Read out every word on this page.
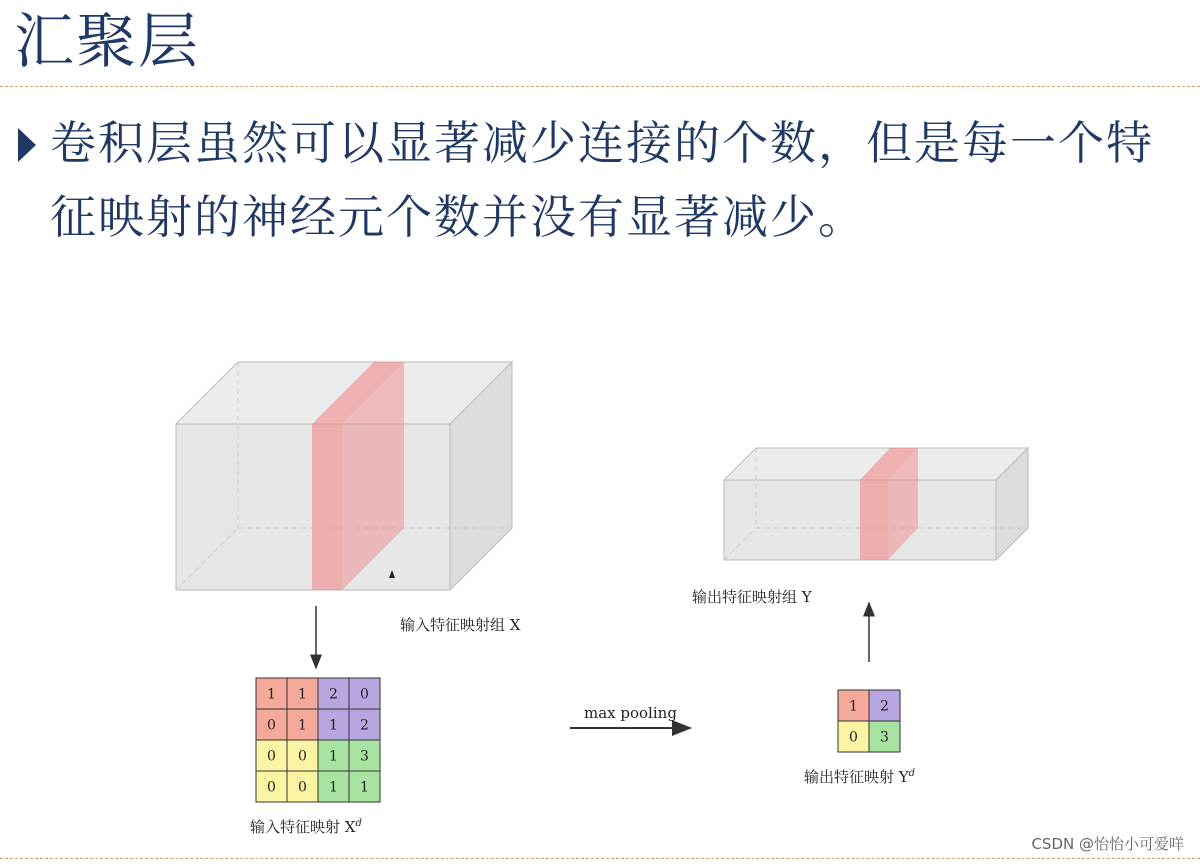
汇聚层
卷积层虽然可以显著减少连接的个数，但是每一个特征映射的神经元个数并没有显著减少。
1 1 2 0
0 1 1 2
0 0 1 3
0 0 1 1
1 2
0 3
输入特征映射组 X
输出特征映射组 Y
max pooling
输入特征映射 $X^d$
输出特征映射 $Y^d$
CSDN @怡怡小可爱咩
